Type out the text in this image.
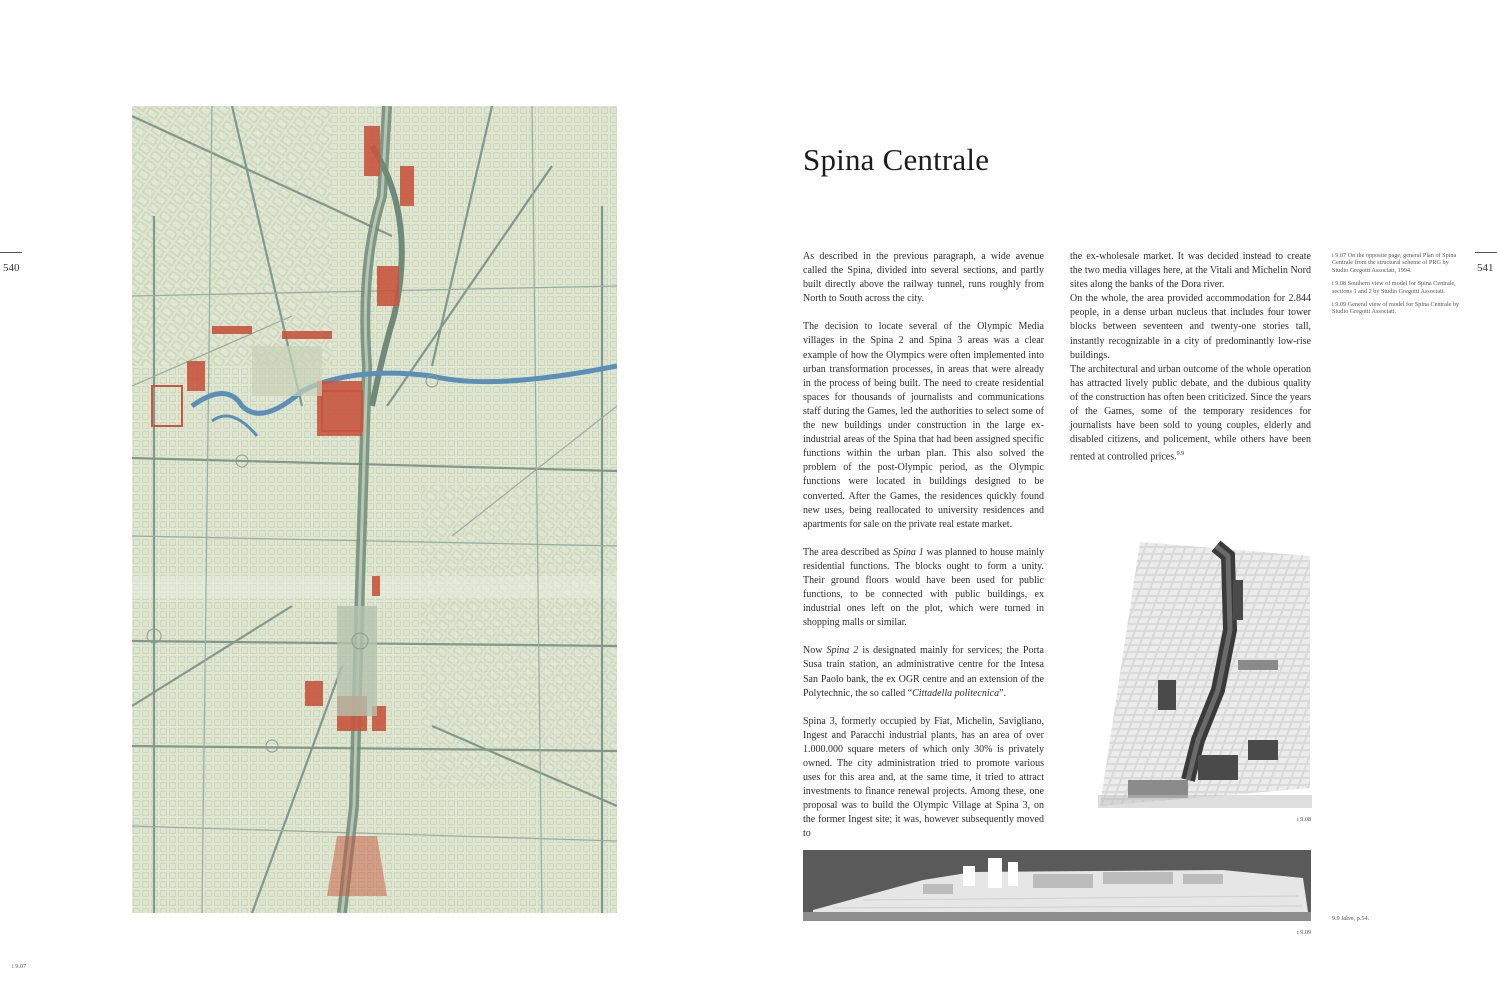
540	541
i 9.07
Spina Centrale

As described in the previous paragraph, a wide avenue called the Spina, divided into several sections, and partly built directly above the railway tunnel, runs roughly from North to South across the city.

The decision to locate several of the Olympic Media villages in the Spina 2 and Spina 3 areas was a clear example of how the Olympics were often implemented into urban transformation processes, in areas that were already in the process of being built. The need to create residential spaces for thousands of journalists and communications staff during the Games, led the authorities to select some of the new buildings under construction in the large ex-industrial areas of the Spina that had been assigned specific functions within the urban plan. This also solved the problem of the post-Olympic period, as the Olympic functions were located in buildings designed to be converted. After the Games, the residences quickly found new uses, being reallocated to university residences and apartments for sale on the private real estate market.

The area described as Spina 1 was planned to house mainly residential functions. The blocks ought to form a unity. Their ground floors would have been used for public functions, to be connected with public buildings, ex industrial ones left on the plot, which were turned in shopping malls or similar.

Now Spina 2 is designated mainly for services; the Porta Susa train station, an administrative centre for the Intesa San Paolo bank, the ex OGR centre and an extension of the Polytechnic, the so called “Cittadella politecnica”.

Spina 3, formerly occupied by Fiat, Michelin, Savigliano, Ingest and Paracchi industrial plants, has an area of over 1.000.000 square meters of which only 30% is privately owned. The city administration tried to promote various uses for this area and, at the same time, it tried to attract investments to finance renewal projects. Among these, one proposal was to build the Olympic Village at Spina 3, on the former Ingest site; it was, however subsequently moved to

the ex-wholesale market. It was decided instead to create the two media villages here, at the Vitali and Michelin Nord sites along the banks of the Dora river.

On the whole, the area provided accommodation for 2.844 people, in a dense urban nucleus that includes four tower blocks between seventeen and twenty-one stories tall, instantly recognizable in a city of predominantly low-rise buildings.

The architectural and urban outcome of the whole operation has attracted lively public debate, and the dubious quality of the construction has often been criticized. Since the years of the Games, some of the temporary residences for journalists have been sold to young couples, elderly and disabled citizens, and policement, while others have been rented at controlled prices.$^{9.9}$

i 9.07 On the opposite page, general Plan of Spina Centrale from the structural scheme of PRG by Studio Gregotti Associati, 1994.
i 9.08 Southern view of model for Spina Centrale, sections 1 and 2 by Studio Gregotti Associati.
i 9.09 General view of model for Spina Centrale by Studio Gregotti Associati.
i 9.08
i 9.09
9.9 Idem, p.54.
